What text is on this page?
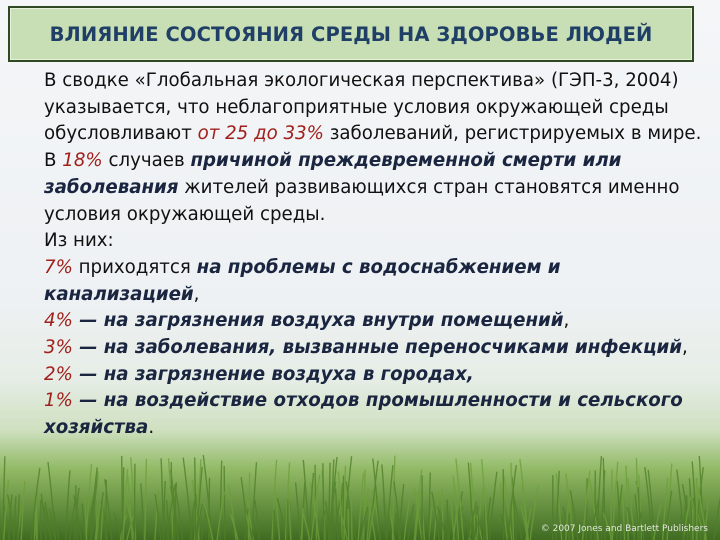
ВЛИЯНИЕ СОСТОЯНИЯ СРЕДЫ НА ЗДОРОВЬЕ ЛЮДЕЙ

В сводке «Глобальная экологическая перспектива» (ГЭП-3, 2004) указывается, что неблагоприятные условия окружающей среды обусловливают от 25 до 33% заболеваний, регистрируемых в мире.

В 18% случаев причиной преждевременной смерти или заболевания жителей развивающихся стран становятся именно условия окружающей среды.

Из них:

7% приходятся на проблемы с водоснабжением и канализацией,

4% — на загрязнения воздуха внутри помещений,

3% — на заболевания, вызванные переносчиками инфекций,

2% — на загрязнение воздуха в городах,

1% — на воздействие отходов промышленности и сельского хозяйства.

© 2007 Jones and Bartlett Publishers
